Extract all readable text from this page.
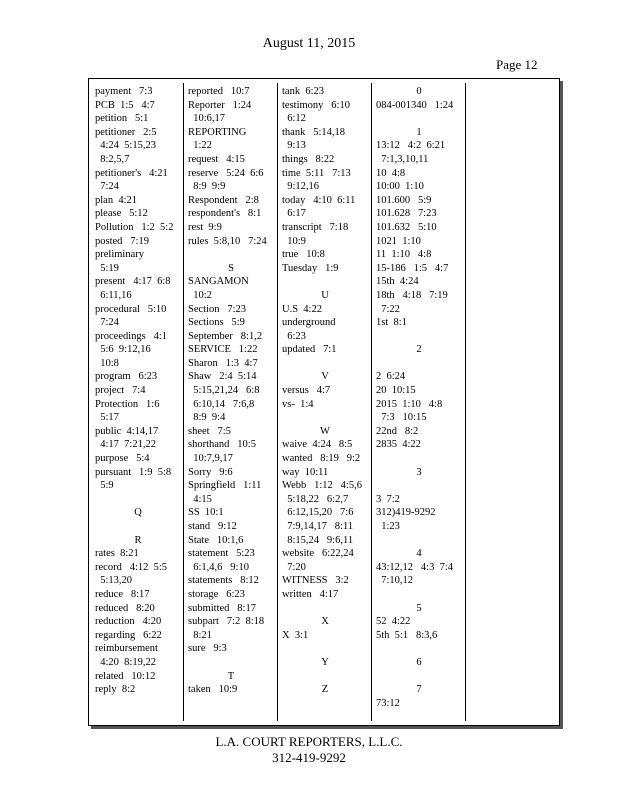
August 11, 2015
Page 12
payment   7:3
PCB  1:5   4:7
petition   5:1
petitioner   2:5
4:24  5:15,23
8:2,5,7
petitioner's   4:21
7:24
plan  4:21
please   5:12
Pollution   1:2  5:2
posted   7:19
preliminary
5:19
present   4:17  6:8
6:11,16
procedural   5:10
7:24
proceedings   4:1
5:6  9:12,16
10:8
program   6:23
project   7:4
Protection   1:6
5:17
public  4:14,17
4:17  7:21,22
purpose   5:4
pursuant   1:9  5:8
5:9

Q

R
rates  8:21
record   4:12  5:5
5:13,20
reduce   8:17
reduced   8:20
reduction   4:20
regarding   6:22
reimbursement
4:20  8:19,22
related   10:12
reply  8:2
reported   10:7
Reporter   1:24
10:6,17
REPORTING
1:22
request   4:15
reserve   5:24  6:6
8:9  9:9
Respondent   2:8
respondent's   8:1
rest  9:9
rules  5:8,10   7:24

S
SANGAMON
10:2
Section   7:23
Sections   5:9
September   8:1,2
SERVICE   1:22
Sharon   1:3  4:7
Shaw   2:4  5:14
5:15,21,24   6:8
6:10,14   7:6,8
8:9  9:4
sheet   7:5
shorthand   10:5
10:7,9,17
Sorry   9:6
Springfield   1:11
4:15
SS  10:1
stand   9:12
State   10:1,6
statement   5:23
6:1,4,6   9:10
statements   8:12
storage   6:23
submitted   8:17
subpart   7:2  8:18
8:21
sure   9:3

T
taken   10:9
tank  6:23
testimony   6:10
6:12
thank   5:14,18
9:13
things   8:22
time  5:11   7:13
9:12,16
today   4:10  6:11
6:17
transcript   7:18
10:9
true   10:8
Tuesday   1:9

U
U.S  4:22
underground
6:23
updated   7:1

V
versus   4:7
vs-  1:4

W
waive  4:24   8:5
wanted   8:19   9:2
way  10:11
Webb   1:12   4:5,6
5:18,22   6:2,7
6:12,15,20   7:6
7:9,14,17   8:11
8:15,24   9:6,11
website   6:22,24
7:20
WITNESS   3:2
written   4:17

X
X  3:1

Y

Z
0
084-001340   1:24

1
13:12   4:2  6:21
7:1,3,10,11
10  4:8
10:00  1:10
101.600   5:9
101.628   7:23
101.632   5:10
1021  1:10
11  1:10   4:8
15-186   1:5   4:7
15th  4:24
18th   4:18   7:19
7:22
1st  8:1

2

2  6:24
20  10:15
2015  1:10   4:8
7:3   10:15
22nd   8:2
2835  4:22

3

3  7:2
312)419-9292
1:23

4
43:12,12   4:3  7:4
7:10,12

5
52  4:22
5th  5:1   8:3,6

6

7
73:12
L.A. COURT REPORTERS, L.L.C.
312-419-9292
